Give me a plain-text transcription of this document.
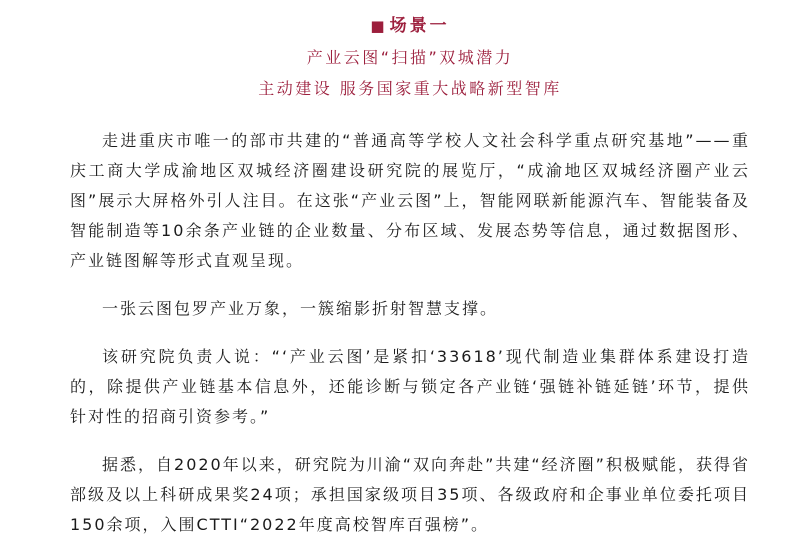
■ 场景一
产业云图“扫描”双城潜力
主动建设 服务国家重大战略新型智库

走进重庆市唯一的部市共建的“普通高等学校人文社会科学重点研究基地”——重庆工商大学成渝地区双城经济圈建设研究院的展览厅，“成渝地区双城经济圈产业云图”展示大屏格外引人注目。在这张“产业云图”上，智能网联新能源汽车、智能装备及智能制造等10余条产业链的企业数量、分布区域、发展态势等信息，通过数据图形、产业链图解等形式直观呈现。

一张云图包罗产业万象，一簇缩影折射智慧支撑。

该研究院负责人说：“‘产业云图’是紧扣‘33618’现代制造业集群体系建设打造的，除提供产业链基本信息外，还能诊断与锁定各产业链‘强链补链延链’环节，提供针对性的招商引资参考。”

据悉，自2020年以来，研究院为川渝“双向奔赴”共建“经济圈”积极赋能，获得省部级及以上科研成果奖24项；承担国家级项目35项、各级政府和企事业单位委托项目150余项，入围CTTI“2022年度高校智库百强榜”。
